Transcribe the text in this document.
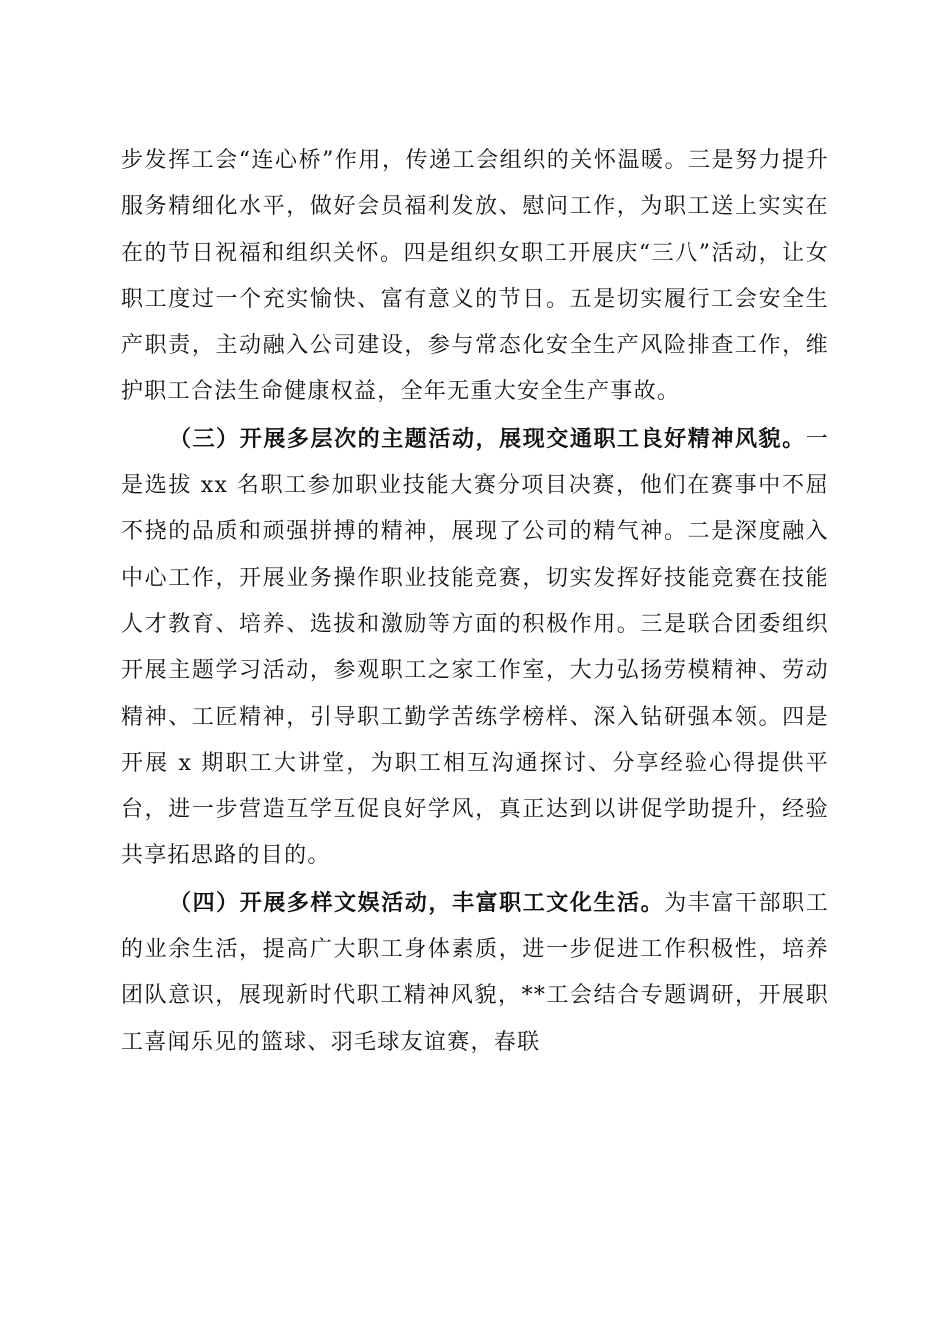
步发挥工会“连心桥”作用，传递工会组织的关怀温暖。三是努力提升服务精细化水平，做好会员福利发放、慰问工作，为职工送上实实在在的节日祝福和组织关怀。四是组织女职工开展庆“三八”活动，让女职工度过一个充实愉快、富有意义的节日。五是切实履行工会安全生产职责，主动融入公司建设，参与常态化安全生产风险排查工作，维护职工合法生命健康权益，全年无重大安全生产事故。

（三）开展多层次的主题活动，展现交通职工良好精神风貌。一是选拔 xx 名职工参加职业技能大赛分项目决赛，他们在赛事中不屈不挠的品质和顽强拼搏的精神，展现了公司的精气神。二是深度融入中心工作，开展业务操作职业技能竞赛，切实发挥好技能竞赛在技能人才教育、培养、选拔和激励等方面的积极作用。三是联合团委组织开展主题学习活动，参观职工之家工作室，大力弘扬劳模精神、劳动精神、工匠精神，引导职工勤学苦练学榜样、深入钻研强本领。四是开展 x 期职工大讲堂，为职工相互沟通探讨、分享经验心得提供平台，进一步营造互学互促良好学风，真正达到以讲促学助提升，经验共享拓思路的目的。

（四）开展多样文娱活动，丰富职工文化生活。为丰富干部职工的业余生活，提高广大职工身体素质，进一步促进工作积极性，培养团队意识，展现新时代职工精神风貌，**工会结合专题调研，开展职工喜闻乐见的篮球、羽毛球友谊赛，春联
